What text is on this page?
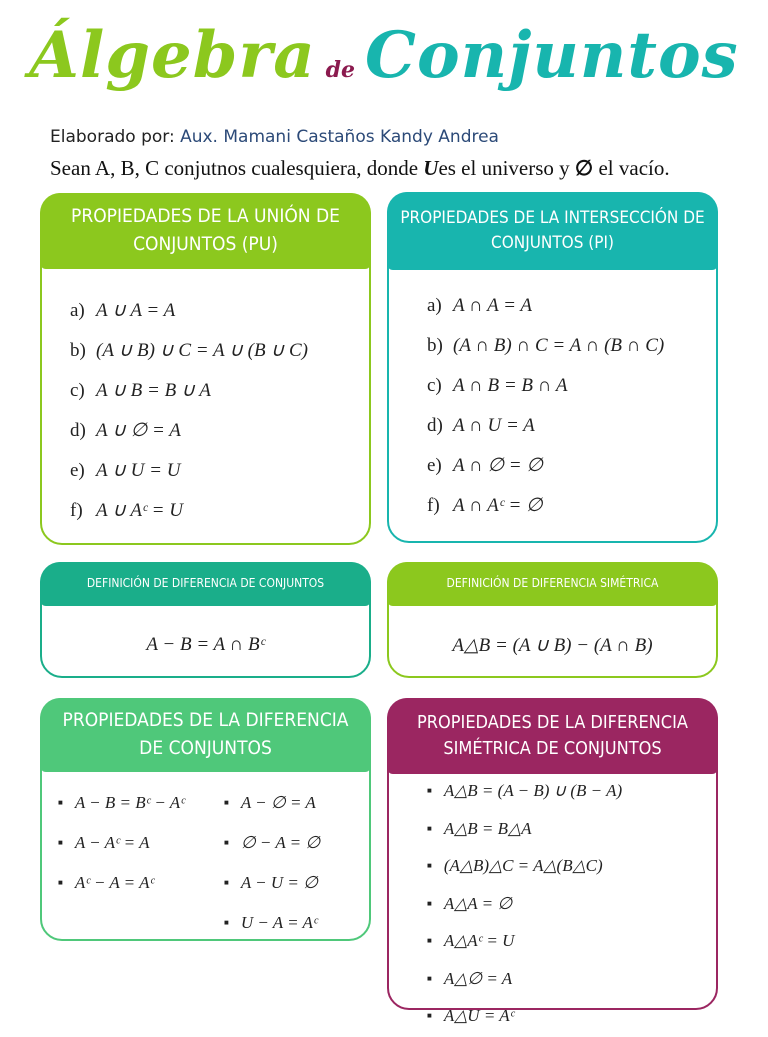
Álgebra de Conjuntos
Elaborado por: Aux. Mamani Castaños Kandy Andrea
Sean A, B, C conjutnos cualesquiera, donde Ues el universo y ∅ el vacío.
PROPIEDADES DE LA UNIÓN DE CONJUNTOS (PU)
a) A ∪ A = A
b) (A ∪ B) ∪ C = A ∪ (B ∪ C)
c) A ∪ B = B ∪ A
d) A ∪ ∅ = A
e) A ∪ U = U
f) A ∪ Aᶜ = U
PROPIEDADES DE LA INTERSECCIÓN DE CONJUNTOS (PI)
a) A ∩ A = A
b) (A ∩ B) ∩ C = A ∩ (B ∩ C)
c) A ∩ B = B ∩ A
d) A ∩ U = A
e) A ∩ ∅ = ∅
f) A ∩ Aᶜ = ∅
DEFINICIÓN DE DIFERENCIA DE CONJUNTOS
A − B = A ∩ Bᶜ
DEFINICIÓN DE DIFERENCIA SIMÉTRICA
A△B = (A ∪ B) − (A ∩ B)
PROPIEDADES DE LA DIFERENCIA DE CONJUNTOS
■ A − B = Bᶜ − Aᶜ
■ A − Aᶜ = A
■ Aᶜ − A = Aᶜ
■ A − ∅ = A
■ ∅ − A = ∅
■ A − U = ∅
■ U − A = Aᶜ
PROPIEDADES DE LA DIFERENCIA SIMÉTRICA DE CONJUNTOS
■ A△B = (A − B) ∪ (B − A)
■ A△B = B△A
■ (A△B)△C = A△(B△C)
■ A△A = ∅
■ A△Aᶜ = U
■ A△∅ = A
■ A△U = Aᶜ
